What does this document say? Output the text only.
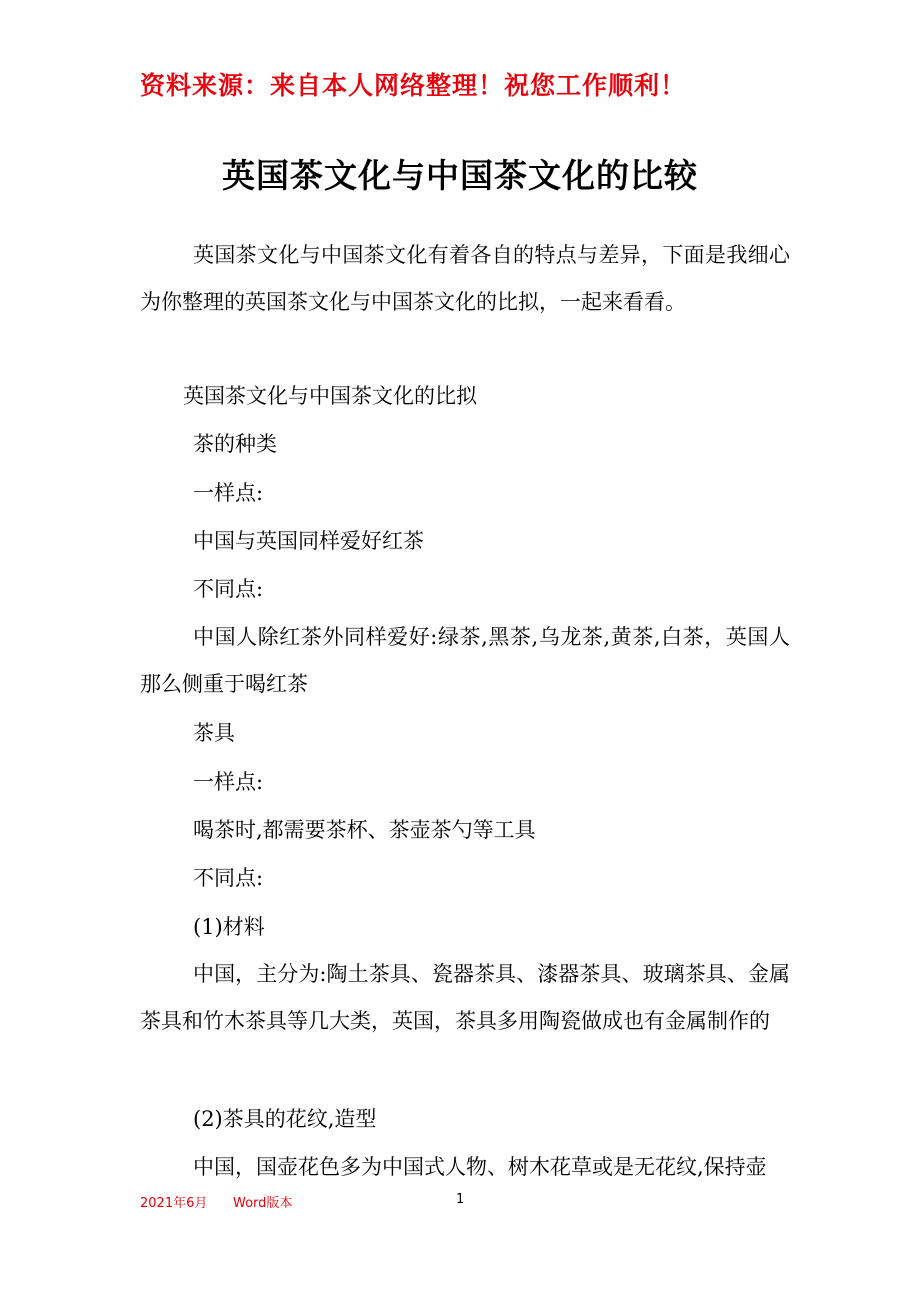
资料来源：来自本人网络整理！祝您工作顺利！
英国茶文化与中国茶文化的比较
英国茶文化与中国茶文化有着各自的特点与差异，下面是我细心为你整理的英国茶文化与中国茶文化的比拟，一起来看看。
英国茶文化与中国茶文化的比拟
茶的种类
一样点:
中国与英国同样爱好红茶
不同点:
中国人除红茶外同样爱好:绿茶,黑茶,乌龙茶,黄茶,白茶，英国人那么侧重于喝红茶
茶具
一样点:
喝茶时,都需要茶杯、茶壶茶勺等工具
不同点:
(1)材料
中国，主分为:陶土茶具、瓷器茶具、漆器茶具、玻璃茶具、金属茶具和竹木茶具等几大类，英国，茶具多用陶瓷做成也有金属制作的
(2)茶具的花纹,造型
中国，国壶花色多为中国式人物、树木花草或是无花纹,保持壶
2021年6月 Word版本	1
